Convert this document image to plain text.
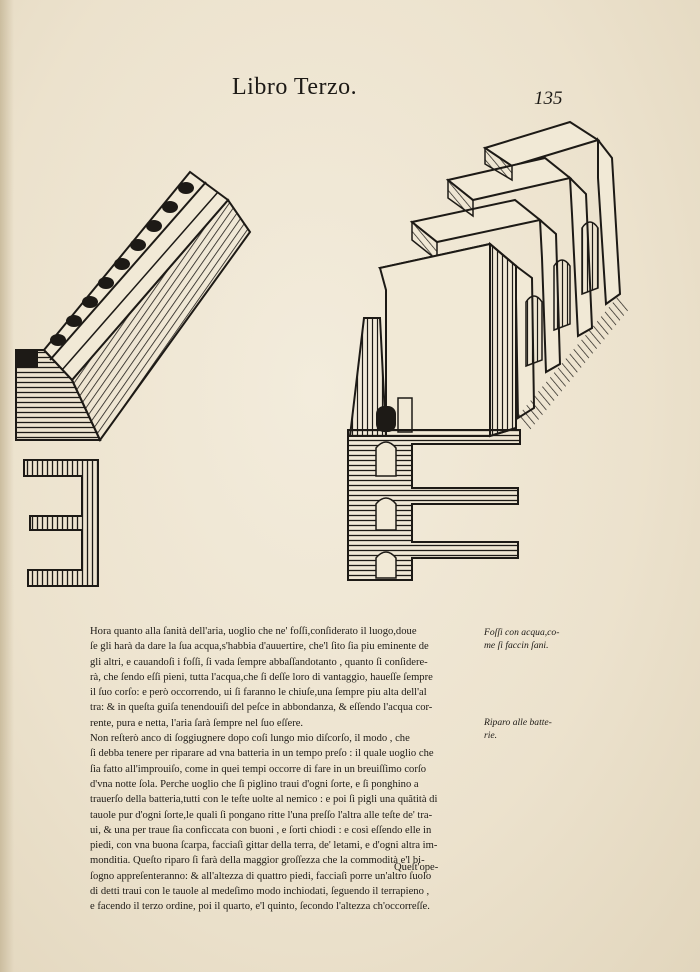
Libro Terzo.	135

Hora quanto alla ſanità dell'aria, uoglio che ne' foſſi,conſiderato il luogo,doue
ſe gli harà da dare la ſua acqua,s'habbia d'auuertire, che'l ſito ſia piu eminente de
gli altri, e cauandoſi i foſſi, ſi vada ſempre abbaſſandotanto , quanto ſi conſidere-
rà, che ſendo eſſi pieni, tutta l'acqua,che ſi deſſe loro di vantaggio, haueſſe ſempre
il ſuo corſo: e però occorrendo, ui ſi faranno le chiuſe,una ſempre piu alta dell'al
tra: & in queſta guiſa tenendouiſi del peſce in abbondanza, & eſſendo l'acqua cor-
rente, pura e netta, l'aria ſarà ſempre nel ſuo eſſere.

Non reſterò anco di ſoggiugnere dopo coſi lungo mio diſcorſo, il modo , che
ſi debba tenere per riparare ad vna batteria in un tempo preſo : il quale uoglio che
ſia fatto all'improuiſo, come in quei tempi occorre di fare in un breuiſſimo corſo
d'vna notte ſola. Perche uoglio che ſi piglino traui d'ogni ſorte, e ſi ponghino a
trauerſo della batteria,tutti con le teſte uolte al nemico : e poi ſi pigli una quãtità di
tauole pur d'ogni ſorte,le quali ſi pongano ritte l'una preſſo l'altra alle teſte de' tra-
ui, & una per traue ſia conficcata con buoni , e ſorti chiodi : e così eſſendo elle in
piedi, con vna buona ſcarpa, facciaſi gittar della terra, de' letami, e d'ogni altra im-
monditia. Queſto riparo ſi farà della maggior groſſezza che la commodità e'l bi-
ſogno appreſenteranno: & all'altezza di quattro piedi, facciaſi porre un'altro ſuolo
di detti traui con le tauole al medeſimo modo inchiodati, ſeguendo il terrapieno ,
e facendo il terzo ordine, poi il quarto, e'l quinto, ſecondo l'altezza ch'occorreſſe.

Queſt'ope-
Foſſi con acqua,co-
me ſi faccin ſani.
Riparo alle batte-
rie.
